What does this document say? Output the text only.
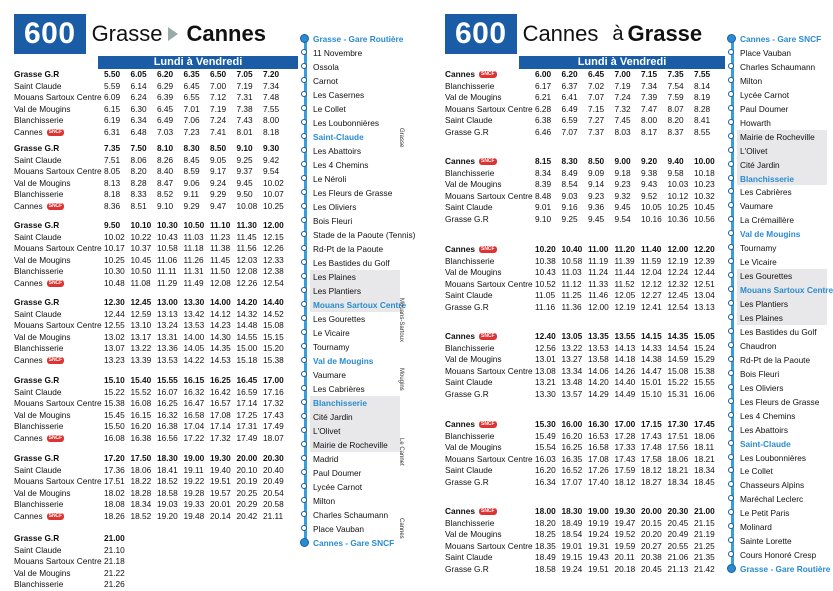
600 Grasse Cannes
Lundi à Vendredi
Grasse G.R	5.50	6.05	6.20	6.35	6.50	7.05	7.20
Saint Claude	5.59	6.14	6.29	6.45	7.00	7.19	7.34
Mouans Sartoux Centre 6.09	6.24	6.39	6.55	7.12	7.31	7.48
Val de Mougins	6.15	6.30	6.45	7.01	7.19	7.38	7.55
Blanchisserie	6.19	6.34	6.49	7.06	7.24	7.43	8.00
Cannes SNCF	6.31	6.48	7.03	7.23	7.41	8.01	8.18
Grasse G.R	7.35	7.50	8.10	8.30	8.50	9.10	9.30
Saint Claude	7.51	8.06	8.26	8.45	9.05	9.25	9.42
Mouans Sartoux Centre 8.05	8.20	8.40	8.59	9.17	9.37	9.54
Val de Mougins	8.13	8.28	8.47	9.06	9.24	9.45	10.02
Blanchisserie	8.18	8.33	8.52	9.11	9.29	9.50	10.07
Cannes SNCF	8.36	8.51	9.10	9.29	9.47	10.08 10.25
Grasse G.R	9.50	10.10 10.30 10.50 11.10 11.30 12.00
Saint Claude	10.02 10.22 10.43 11.03 11.23 11.45 12.15
Mouans Sartoux Centre 10.17 10.37 10.58 11.18 11.38 11.56 12.26
Val de Mougins	10.25 10.45 11.06 11.26 11.45 12.03 12.33
Blanchisserie	10.30 10.50 11.11 11.31 11.50 12.08 12.38
Cannes SNCF	10.48 11.08 11.29 11.49 12.08 12.26 12.54
Grasse G.R	12.30 12.45 13.00 13.30 14.00 14.20 14.40
Saint Claude	12.44 12.59 13.13 13.42 14.12 14.32 14.52
Mouans Sartoux Centre 12.55 13.10 13.24 13.53 14.23 14.48 15.08
Val de Mougins	13.02 13.17 13.31 14.00 14.30 14.55 15.15
Blanchisserie	13.07 13.22 13.36 14.05 14.35 15.00 15.20
Cannes SNCF	13.23 13.39 13.53 14.22 14.53 15.18 15.38
Grasse G.R	15.10 15.40 15.55 16.15 16.25 16.45 17.00
Saint Claude	15.22 15.52 16.07 16.32 16.42 16.59 17.16
Mouans Sartoux Centre 15.38 16.08 16.25 16.47 16.57 17.14 17.32
Val de Mougins	15.45 16.15 16.32 16.58 17.08 17.25 17.43
Blanchisserie	15.50 16.20 16.38 17.04 17.14 17.31 17.49
Cannes SNCF	16.08 16.38 16.56 17.22 17.32 17.49 18.07
Grasse G.R	17.20 17.50 18.30 19.00 19.30 20.00 20.30
Saint Claude	17.36 18.06 18.41 19.11 19.40 20.10 20.40
Mouans Sartoux Centre 17.51 18.22 18.52 19.22 19.51 20.19 20.49
Val de Mougins	18.02 18.28 18.58 19.28 19.57 20.25 20.54
Blanchisserie	18.08 18.34 19.03 19.33 20.01 20.29 20.58
Cannes SNCF	18.26 18.52 19.20 19.48 20.14 20.42 21.11
Grasse G.R	21.00
Saint Claude	21.10
Mouans Sartoux Centre 21.18
Val de Mougins	21.22
Blanchisserie	21.26
Grasse - Gare Routière
11 Novembre
Ossola
Carnot
Les Casernes
Le Collet
Les Loubonnières
Saint-Claude
Les Abattoirs
Les 4 Chemins
Le Néroli
Les Fleurs de Grasse
Les Oliviers
Bois Fleuri
Stade de la Paoute (Tennis)
Rd-Pt de la Paoute
Les Bastides du Golf
Les Plaines
Les Plantiers
Mouans Sartoux Centre
Les Gourettes
Le Vicaire
Tournamy
Val de Mougins
Vaumare
Les Cabrières
Blanchisserie
Cité Jardin
L'Olivet
Mairie de Rocheville
Madrid
Paul Doumer
Lycée Carnot
Milton
Charles Schaumann
Place Vauban
Cannes - Gare SNCF
Grasse
Mouans-Sartoux
Mougins
Le Cannet
Cannes
600 Cannes à Grasse
Lundi à Vendredi
Cannes SNCF	6.00	6.20	6.45	7.00	7.15	7.35	7.55
Blanchisserie	6.17	6.37	7.02	7.19	7.34	7.54	8.14
Val de Mougins	6.21	6.41	7.07	7.24	7.39	7.59	8.19
Mouans Sartoux Centre 6.28	6.49	7.15	7.32	7.47	8.07	8.28
Saint Claude	6.38	6.59	7.27	7.45	8.00	8.20	8.41
Grasse G.R	6.46	7.07	7.37	8.03	8.17	8.37	8.55
Cannes SNCF	8.15	8.30	8.50	9.00	9.20	9.40	10.00
Blanchisserie	8.34	8.49	9.09	9.18	9.38	9.58	10.18
Val de Mougins	8.39	8.54	9.14	9.23	9.43	10.03 10.23
Mouans Sartoux Centre 8.48	9.03	9.23	9.32	9.52	10.12 10.32
Saint Claude	9.01	9.16	9.36	9.45	10.05 10.25 10.45
Grasse G.R	9.10	9.25	9.45	9.54	10.16 10.36 10.56
Cannes SNCF	10.20 10.40 11.00 11.20 11.40 12.00 12.20
Blanchisserie	10.38 10.58 11.19 11.39 11.59 12.19 12.39
Val de Mougins	10.43 11.03 11.24 11.44 12.04 12.24 12.44
Mouans Sartoux Centre 10.52 11.12 11.33 11.52 12.12 12.32 12.51
Saint Claude	11.05 11.25 11.46 12.05 12.27 12.45 13.04
Grasse G.R	11.16 11.36 12.00 12.19 12.41 12.54 13.13
Cannes SNCF	12.40 13.05 13.35 13.55 14.15 14.35 15.05
Blanchisserie	12.56 13.22 13.53 14.13 14.33 14.54 15.24
Val de Mougins	13.01 13.27 13.58 14.18 14.38 14.59 15.29
Mouans Sartoux Centre 13.08 13.34 14.06 14.26 14.47 15.08 15.38
Saint Claude	13.21 13.48 14.20 14.40 15.01 15.22 15.55
Grasse G.R	13.30 13.57 14.29 14.49 15.10 15.31 16.06
Cannes SNCF	15.30 16.00 16.30 17.00 17.15 17.30 17.45
Blanchisserie	15.49 16.20 16.53 17.28 17.43 17.51 18.06
Val de Mougins	15.54 16.25 16.58 17.33 17.48 17.56 18.11
Mouans Sartoux Centre 16.03 16.35 17.08 17.43 17.58 18.06 18.21
Saint Claude	16.20 16.52 17.26 17.59 18.12 18.21 18.34
Grasse G.R	16.34 17.07 17.40 18.12 18.27 18.34 18.45
Cannes SNCF	18.00 18.30 19.00 19.30 20.00 20.30 21.00
Blanchisserie	18.20 18.49 19.19 19.47 20.15 20.45 21.15
Val de Mougins	18.25 18.54 19.24 19.52 20.20 20.49 21.19
Mouans Sartoux Centre 18.35 19.01 19.31 19.59 20.27 20.55 21.25
Saint Claude	18.49 19.15 19.43 20.11 20.38 21.06 21.35
Grasse G.R	18.58 19.24 19.51 20.18 20.45 21.13 21.42
Cannes - Gare SNCF
Place Vauban
Charles Schaumann
Milton
Lycée Carnot
Paul Doumer
Howarth
Mairie de Rocheville
L'Olivet
Cité Jardin
Blanchisserie
Les Cabrières
Vaumare
La Crémaillère
Val de Mougins
Tournamy
Le Vicaire
Les Gourettes
Mouans Sartoux Centre
Les Plantiers
Les Plaines
Les Bastides du Golf
Chaudron
Rd-Pt de la Paoute
Bois Fleuri
Les Oliviers
Les Fleurs de Grasse
Les 4 Chemins
Les Abattoirs
Saint-Claude
Les Loubonnières
Le Collet
Chasseurs Alpins
Maréchal Leclerc
Le Petit Paris
Molinard
Sainte Lorette
Cours Honoré Cresp
Grasse - Gare Routière
